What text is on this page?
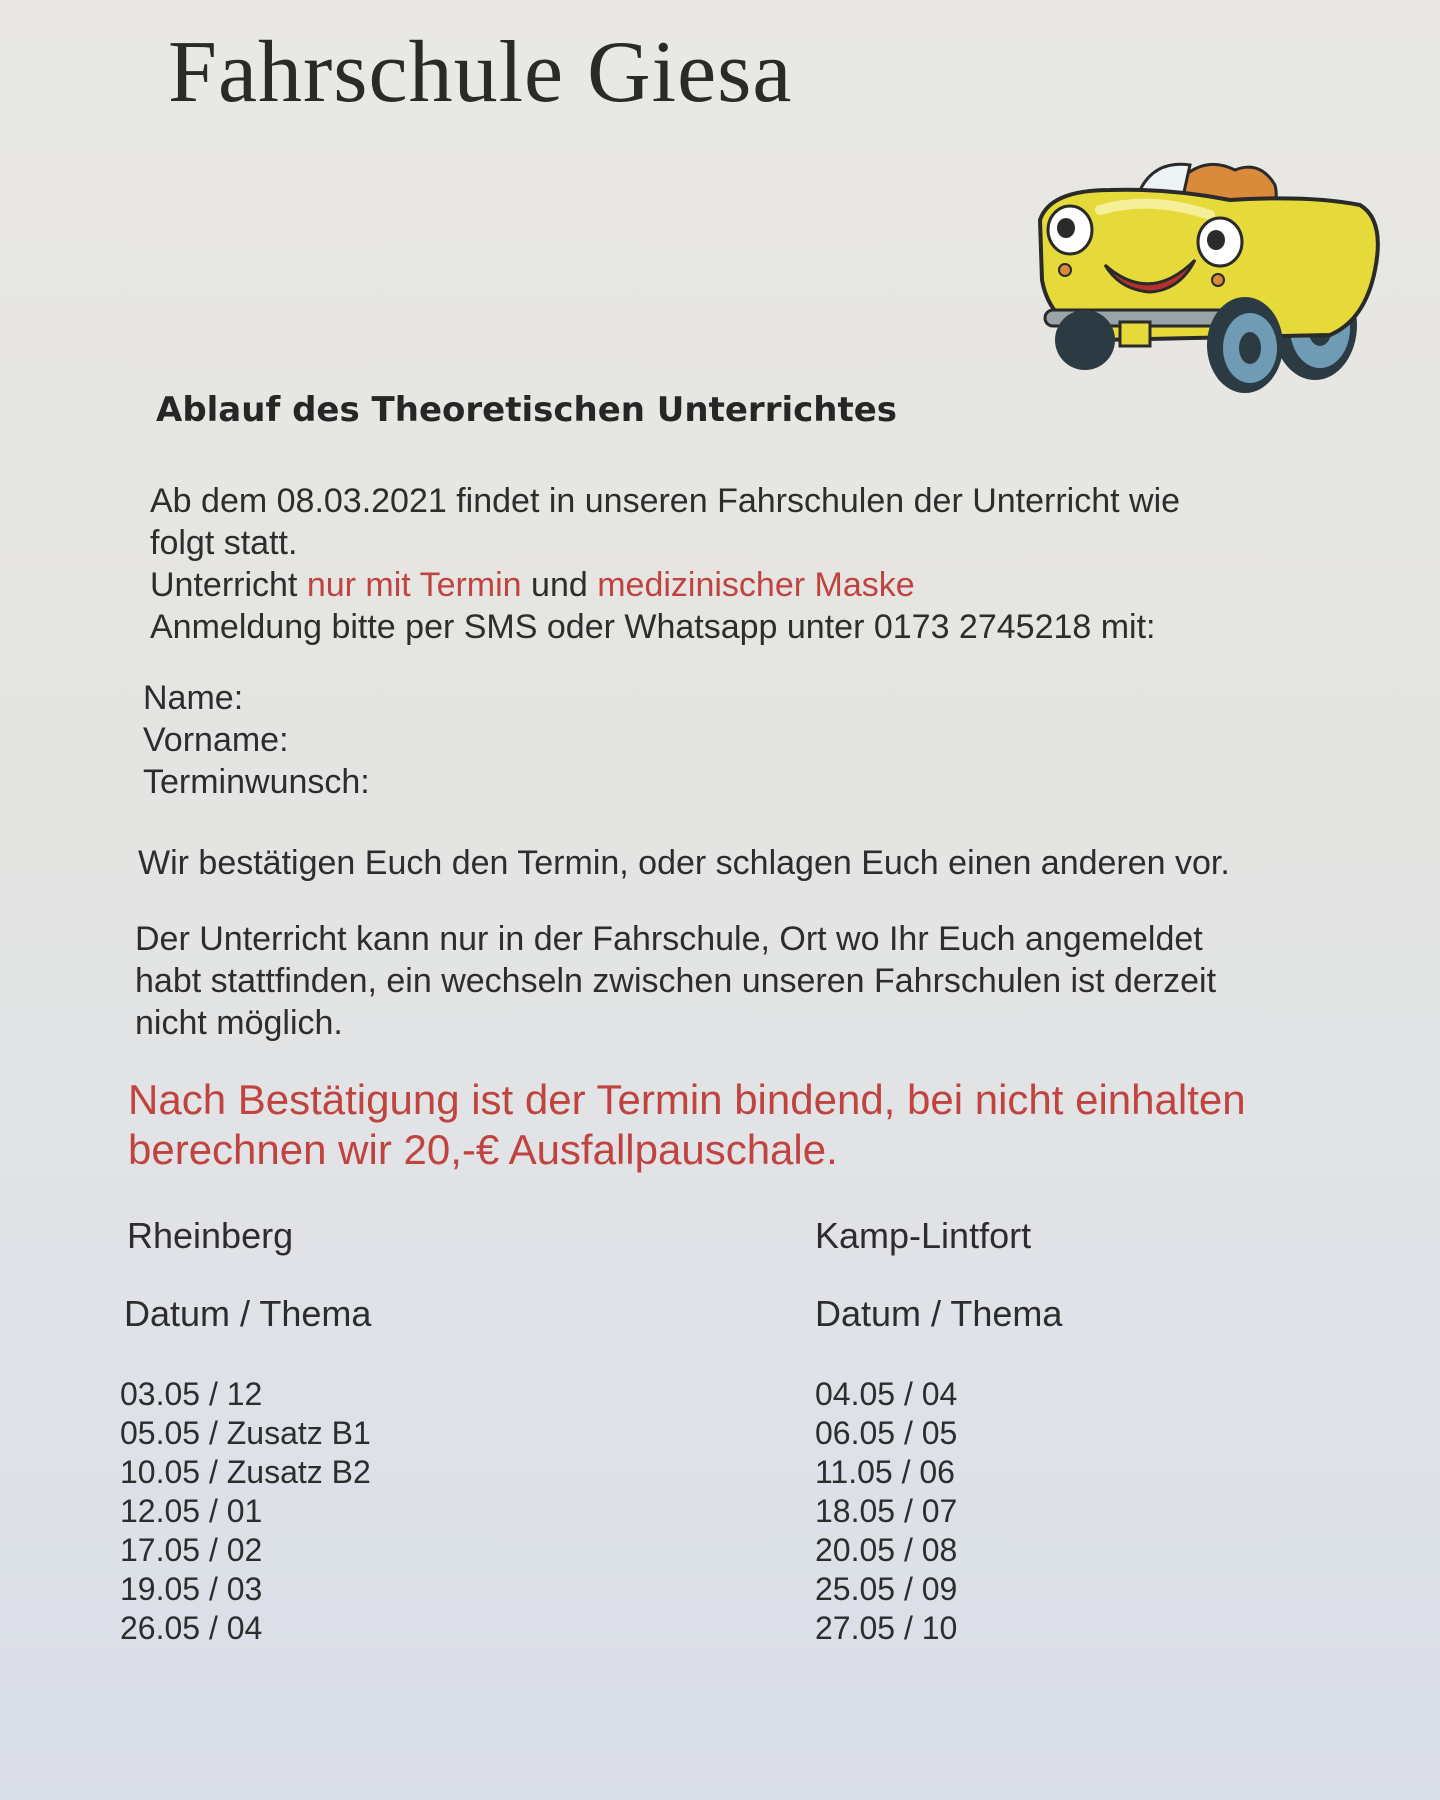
Fahrschule Giesa
Ablauf des Theoretischen Unterrichtes
Ab dem 08.03.2021 findet in unseren Fahrschulen der Unterricht wie
folgt statt.
Unterricht nur mit Termin und medizinischer Maske
Anmeldung bitte per SMS oder Whatsapp unter 0173 2745218 mit:
Name:
Vorname:
Terminwunsch:
Wir bestätigen Euch den Termin, oder schlagen Euch einen anderen vor.
Der Unterricht kann nur in der Fahrschule, Ort wo Ihr Euch angemeldet
habt stattfinden, ein wechseln zwischen unseren Fahrschulen ist derzeit
nicht möglich.
Nach Bestätigung ist der Termin bindend, bei nicht einhalten
berechnen wir 20,-€ Ausfallpauschale.
Rheinberg
Datum / Thema
03.05 / 12
05.05 / Zusatz B1
10.05 / Zusatz B2
12.05 / 01
17.05 / 02
19.05 / 03
26.05 / 04
Kamp-Lintfort
Datum / Thema
04.05 / 04
06.05 / 05
11.05 / 06
18.05 / 07
20.05 / 08
25.05 / 09
27.05 / 10
